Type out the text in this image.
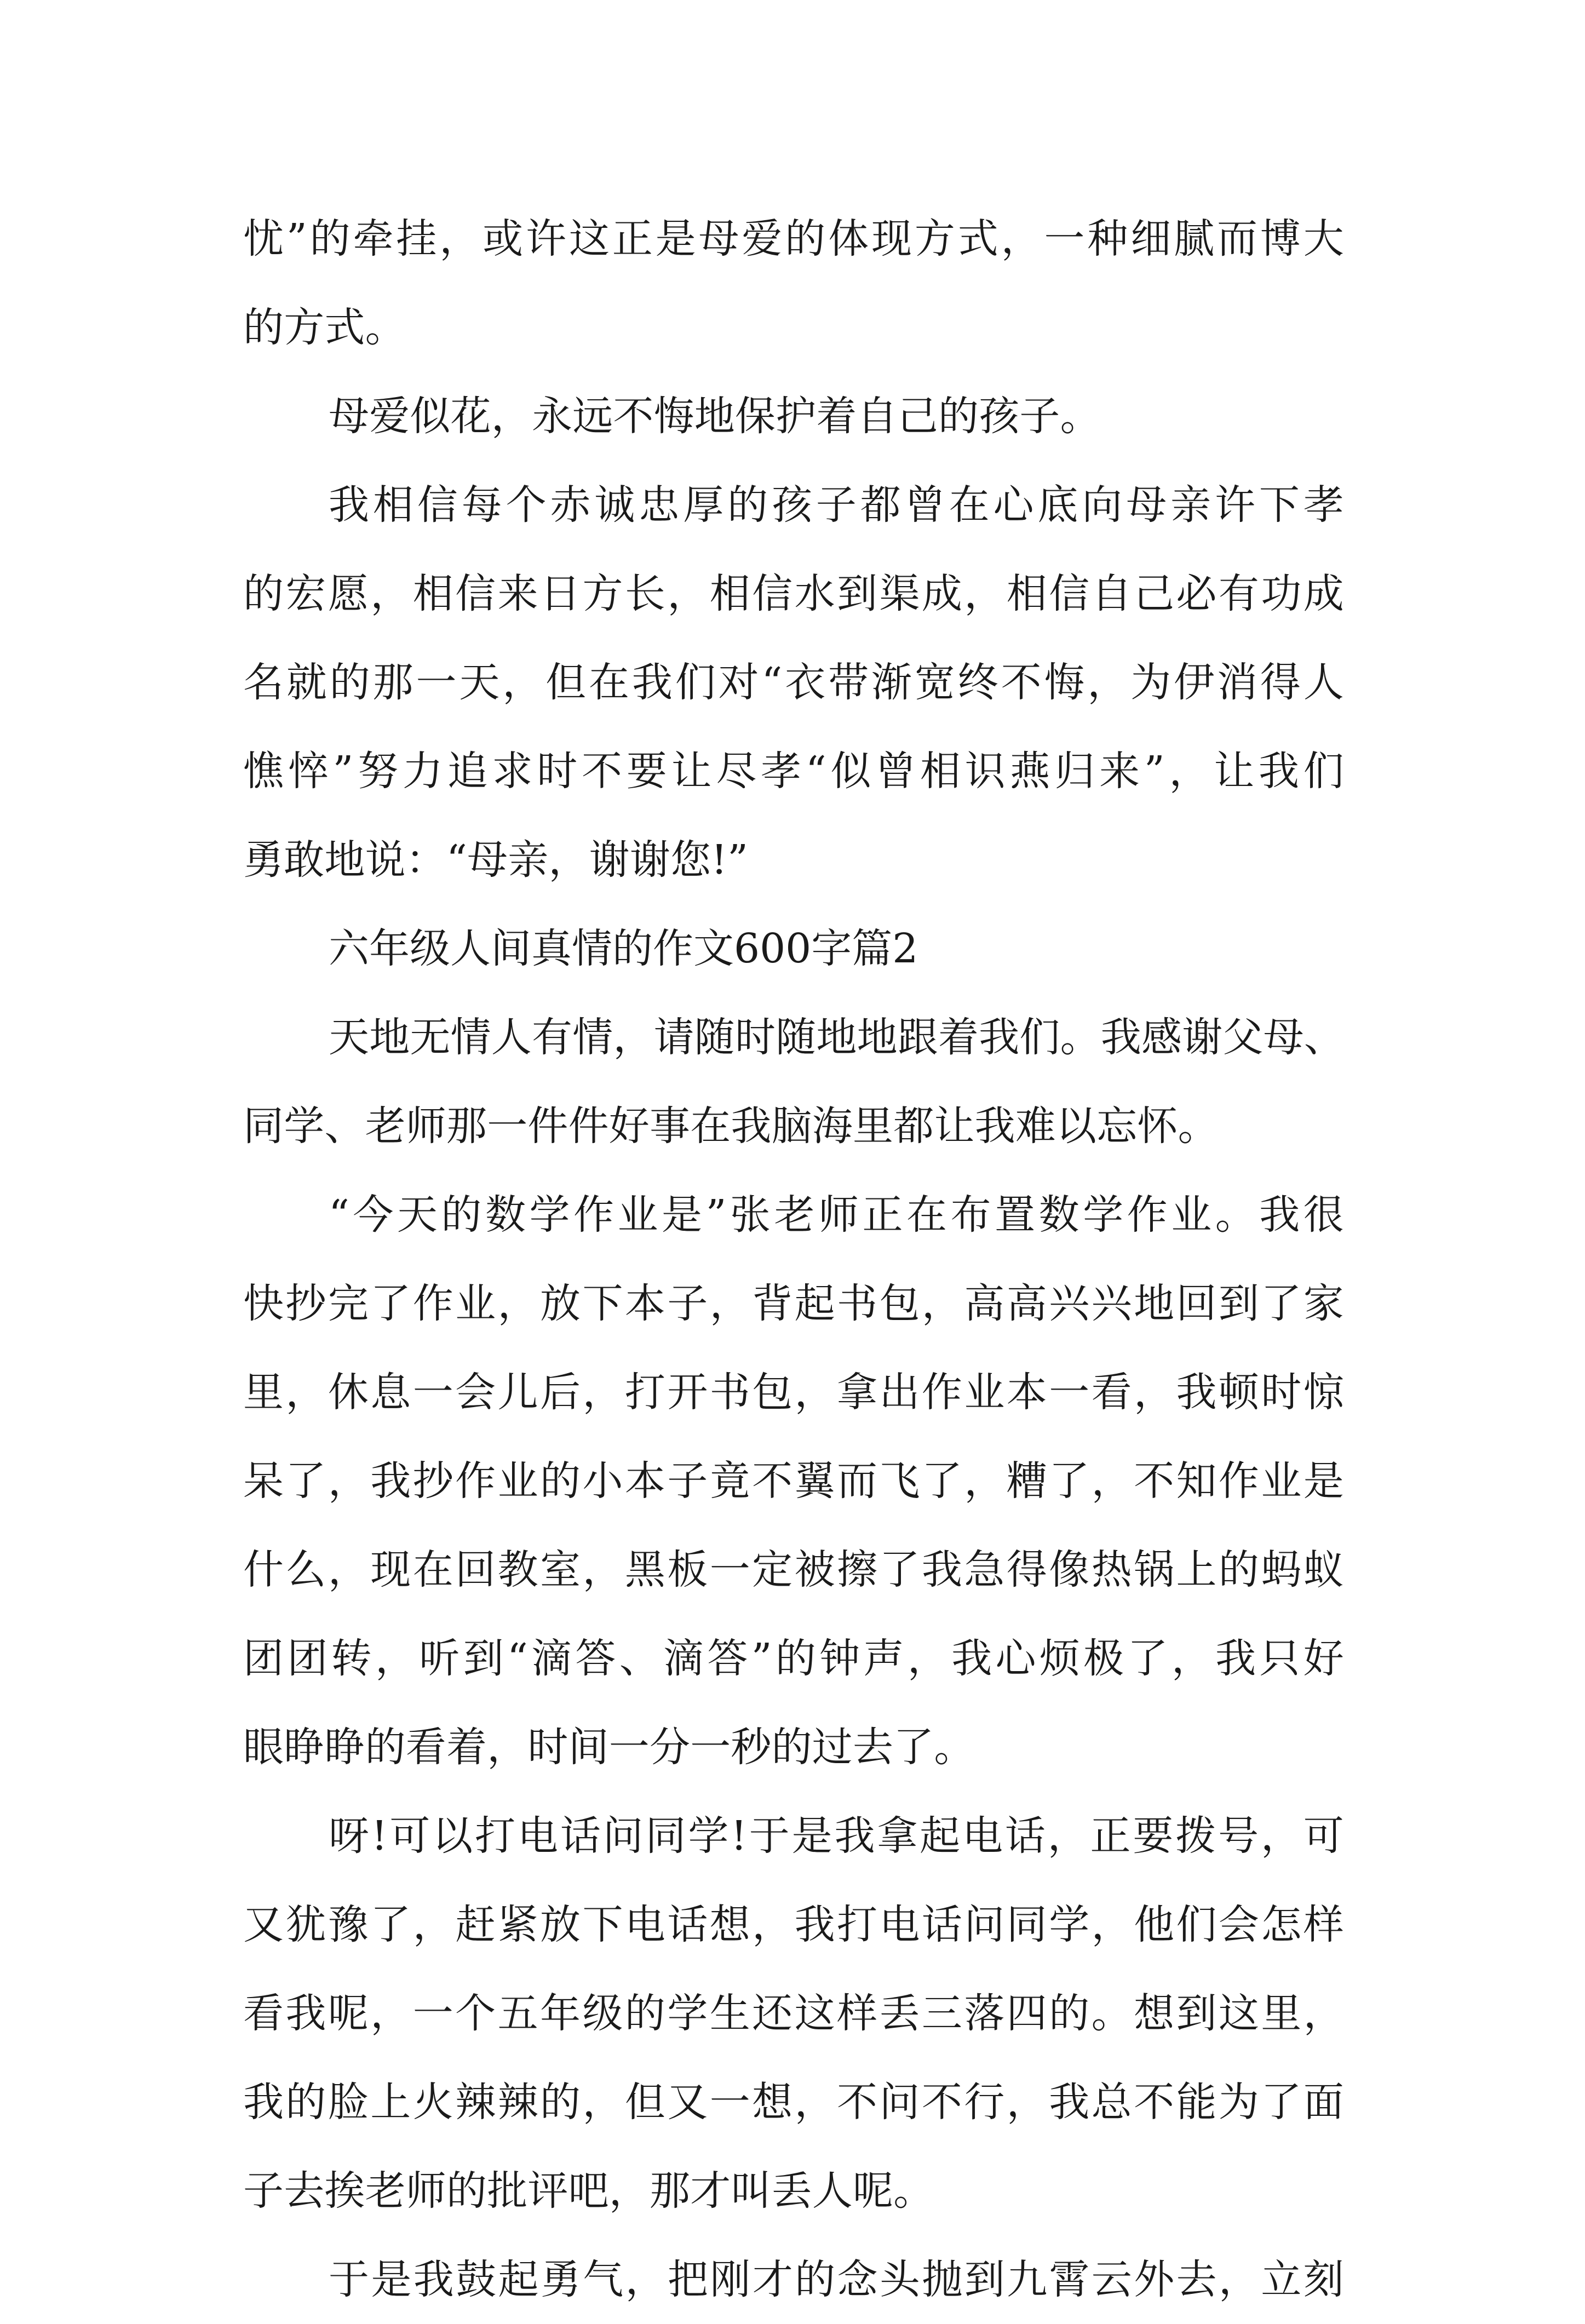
忧”的牵挂，或许这正是母爱的体现方式，一种细腻而博大
的方式。
母爱似花，永远不悔地保护着自己的孩子。
我相信每个赤诚忠厚的孩子都曾在心底向母亲许下孝
的宏愿，相信来日方长，相信水到渠成，相信自己必有功成
名就的那一天，但在我们对“衣带渐宽终不悔，为伊消得人
憔悴”努力追求时不要让尽孝“似曾相识燕归来”，让我们
勇敢地说：“母亲，谢谢您!”
六年级人间真情的作文600字篇2
天地无情人有情，请随时随地地跟着我们。我感谢父母、
同学、老师那一件件好事在我脑海里都让我难以忘怀。
“今天的数学作业是”张老师正在布置数学作业。我很
快抄完了作业，放下本子，背起书包，高高兴兴地回到了家
里，休息一会儿后，打开书包，拿出作业本一看，我顿时惊
呆了，我抄作业的小本子竟不翼而飞了，糟了，不知作业是
什么，现在回教室，黑板一定被擦了我急得像热锅上的蚂蚁
团团转，听到“滴答、滴答”的钟声，我心烦极了，我只好
眼睁睁的看着，时间一分一秒的过去了。
呀!可以打电话问同学!于是我拿起电话，正要拨号，可
又犹豫了，赶紧放下电话想，我打电话问同学，他们会怎样
看我呢，一个五年级的学生还这样丢三落四的。想到这里，
我的脸上火辣辣的，但又一想，不问不行，我总不能为了面
子去挨老师的批评吧，那才叫丢人呢。
于是我鼓起勇气，把刚才的念头抛到九霄云外去，立刻
